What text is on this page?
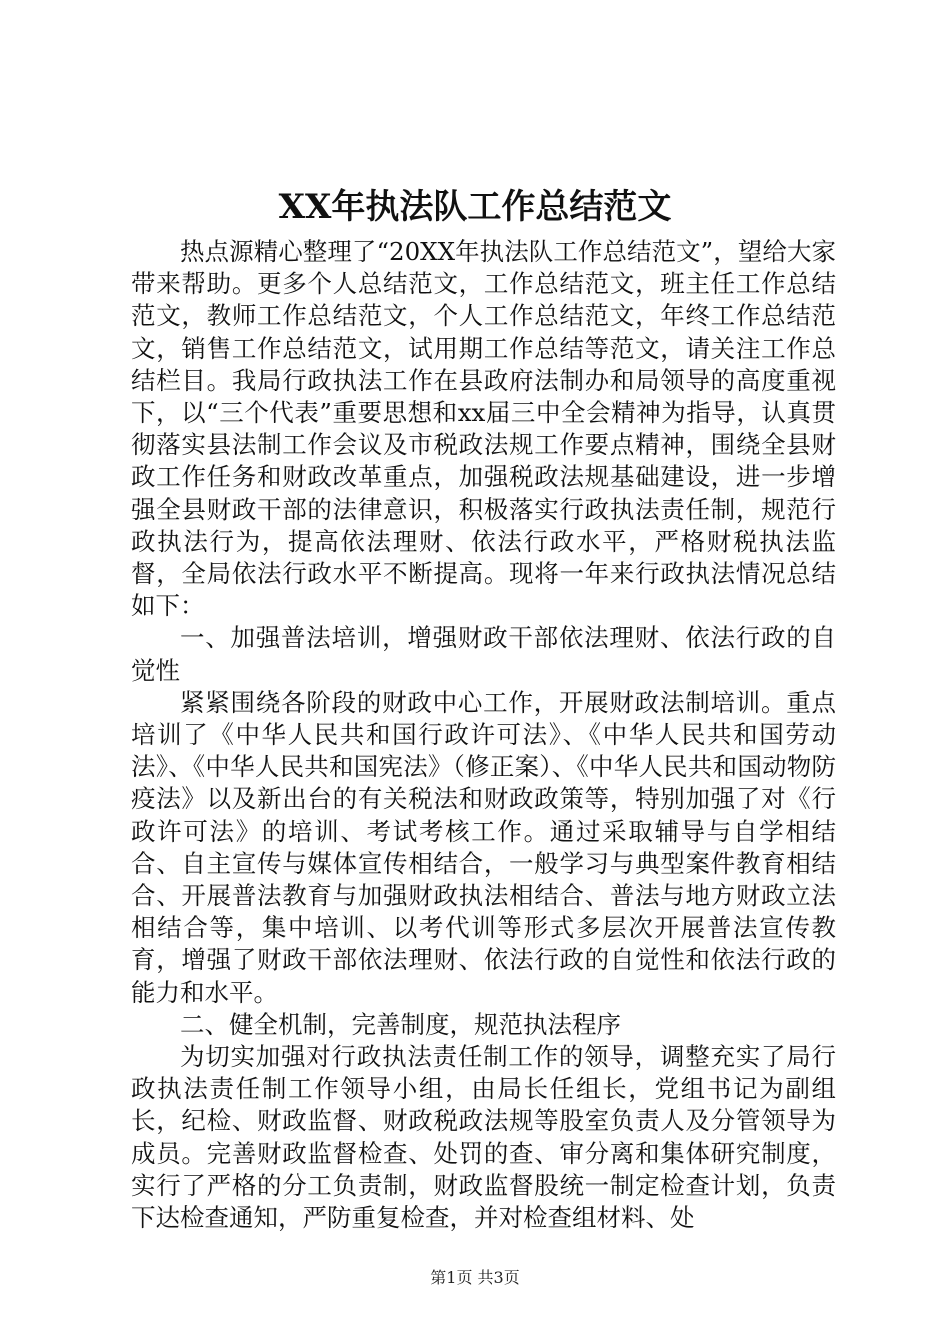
XX年执法队工作总结范文

热点源精心整理了“20XX年执法队工作总结范文”，望给大家带来帮助。更多个人总结范文，工作总结范文，班主任工作总结范文，教师工作总结范文，个人工作总结范文，年终工作总结范文，销售工作总结范文，试用期工作总结等范文，请关注工作总结栏目。我局行政执法工作在县政府法制办和局领导的高度重视下，以“三个代表”重要思想和xx届三中全会精神为指导，认真贯彻落实县法制工作会议及市税政法规工作要点精神，围绕全县财政工作任务和财政改革重点，加强税政法规基础建设，进一步增强全县财政干部的法律意识，积极落实行政执法责任制，规范行政执法行为，提高依法理财、依法行政水平，严格财税执法监督，全局依法行政水平不断提高。现将一年来行政执法情况总结如下：

一、加强普法培训，增强财政干部依法理财、依法行政的自觉性

紧紧围绕各阶段的财政中心工作，开展财政法制培训。重点培训了《中华人民共和国行政许可法》、《中华人民共和国劳动法》、《中华人民共和国宪法》（修正案）、《中华人民共和国动物防疫法》以及新出台的有关税法和财政政策等，特别加强了对《行政许可法》的培训、考试考核工作。通过采取辅导与自学相结合、自主宣传与媒体宣传相结合，一般学习与典型案件教育相结合、开展普法教育与加强财政执法相结合、普法与地方财政立法相结合等，集中培训、以考代训等形式多层次开展普法宣传教育，增强了财政干部依法理财、依法行政的自觉性和依法行政的能力和水平。

二、健全机制，完善制度，规范执法程序

为切实加强对行政执法责任制工作的领导，调整充实了局行政执法责任制工作领导小组，由局长任组长，党组书记为副组长，纪检、财政监督、财政税政法规等股室负责人及分管领导为成员。完善财政监督检查、处罚的查、审分离和集体研究制度，实行了严格的分工负责制，财政监督股统一制定检查计划，负责下达检查通知，严防重复检查，并对检查组材料、处

第1页 共3页
